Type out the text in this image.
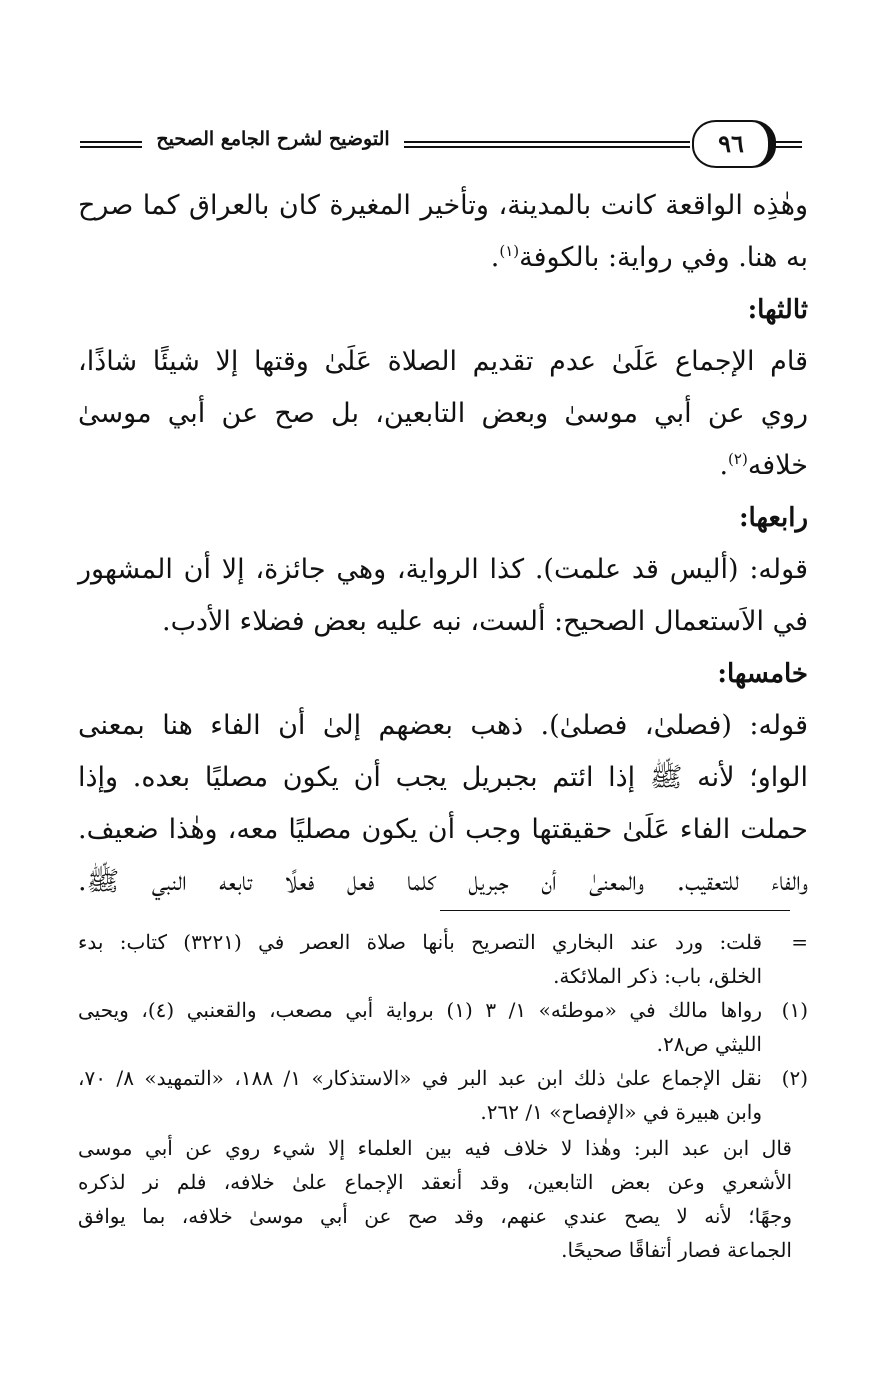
التوضيح لشرح الجامع الصحيح	٩٦
وهٰذِه الواقعة كانت بالمدينة، وتأخير المغيرة كان بالعراق كما صرح
به هنا. وفي رواية: بالكوفة$^{(١)}$.
ثالثها:
قام الإجماع عَلَىٰ عدم تقديم الصلاة عَلَىٰ وقتها إلا شيئًا شاذًا،
روي عن أبي موسىٰ وبعض التابعين، بل صح عن أبي موسىٰ
خلافه$^{(٢)}$.
رابعها:
قوله: (أليس قد علمت). كذا الرواية، وهي جائزة، إلا أن المشهور
في الاَستعمال الصحيح: ألست، نبه عليه بعض فضلاء الأدب.
خامسها:
قوله: (فصلىٰ، فصلىٰ). ذهب بعضهم إلىٰ أن الفاء هنا بمعنى
الواو؛ لأنه ﷺ إذا ائتم بجبريل يجب أن يكون مصليًا بعده. وإذا
حملت الفاء عَلَىٰ حقيقتها وجب أن يكون مصليًا معه، وهٰذا ضعيف.
والفاء للتعقيب. والمعنىٰ أن جبريل كلما فعل فعلًا تابعه النبي ﷺ.
=
قلت: ورد عند البخاري التصريح بأنها صلاة العصر في (٣٢٢١) كتاب: بدء
الخلق، باب: ذكر الملائكة.
(١)
رواها مالك في «موطئه» ١/ ٣ (١) برواية أبي مصعب، والقعنبي (٤)، ويحيى
الليثي ص٢٨.
(٢)
نقل الإجماع علىٰ ذلك ابن عبد البر في «الاستذكار» ١/ ١٨٨، «التمهيد» ٨/ ٧٠،
وابن هبيرة في «الإفصاح» ١/ ٢٦٢.
قال ابن عبد البر: وهٰذا لا خلاف فيه بين العلماء إلا شيء روي عن أبي موسى
الأشعري وعن بعض التابعين، وقد أنعقد الإجماع علىٰ خلافه، فلم نر لذكره
وجهًا؛ لأنه لا يصح عندي عنهم، وقد صح عن أبي موسىٰ خلافه، بما يوافق
الجماعة فصار أتفاقًا صحيحًا.
